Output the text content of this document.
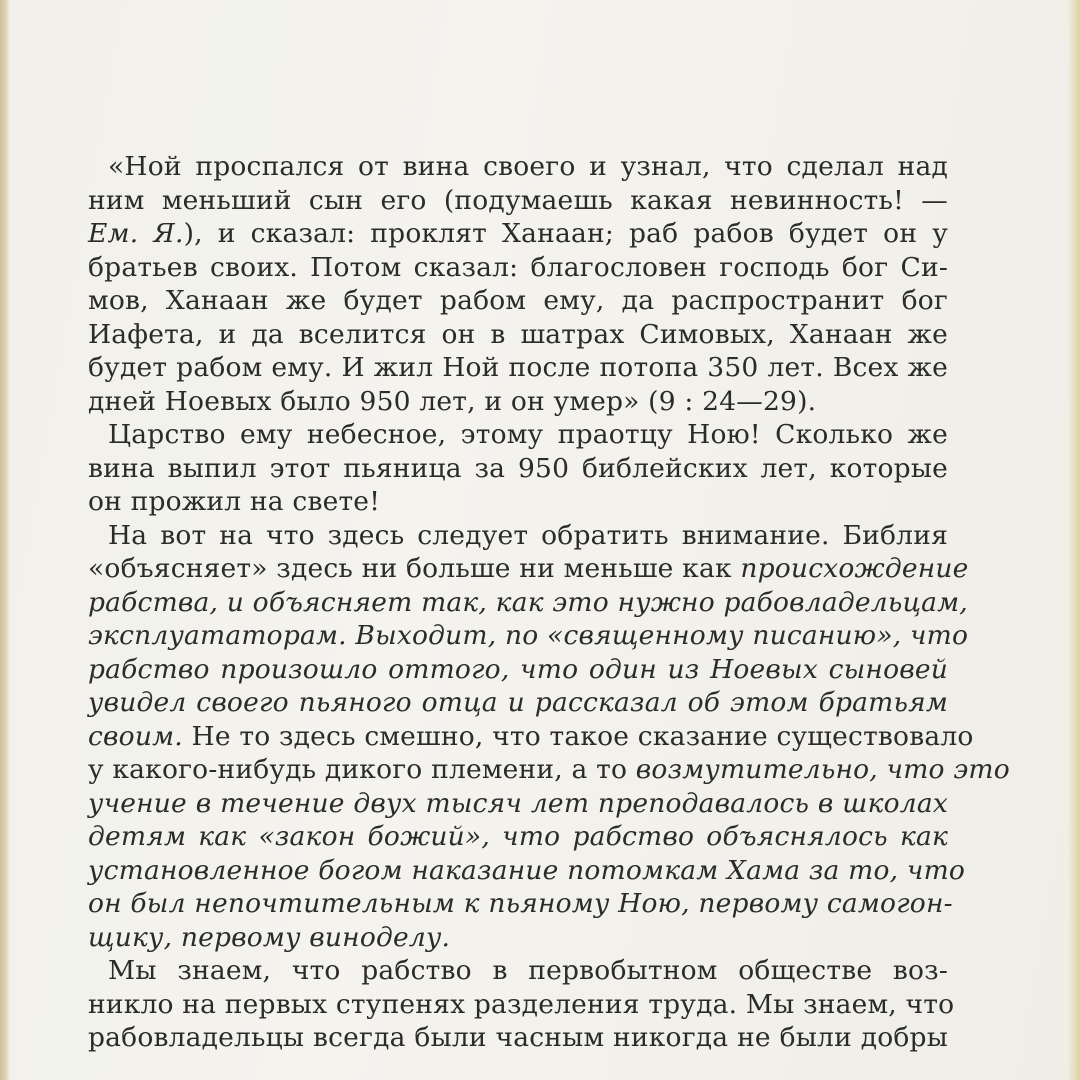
«Ной проспался от вина своего и узнал, что сделал над
ним меньший сын его (подумаешь какая невинность! —
Ем. Я.), и сказал: проклят Ханаан; раб рабов будет он у
братьев своих. Потом сказал: благословен господь бог Си-
мов, Ханаан же будет рабом ему, да распространит бог
Иафета, и да вселится он в шатрах Симовых, Ханаан же
будет рабом ему. И жил Ной после потопа 350 лет. Всех же
дней Ноевых было 950 лет, и он умер» (9 : 24—29).
Царство ему небесное, этому праотцу Ною! Сколько же
вина выпил этот пьяница за 950 библейских лет, которые
он прожил на свете!
На вот на что здесь следует обратить внимание. Библия
«объясняет» здесь ни больше ни меньше как происхождение
рабства, и объясняет так, как это нужно рабовладельцам,
эксплуататорам. Выходит, по «священному писанию», что
рабство произошло оттого, что один из Ноевых сыновей
увидел своего пьяного отца и рассказал об этом братьям
своим. Не то здесь смешно, что такое сказание существовало
у какого-нибудь дикого племени, а то возмутительно, что это
учение в течение двух тысяч лет преподавалось в школах
детям как «закон божий», что рабство объяснялось как
установленное богом наказание потомкам Хама за то, что
он был непочтительным к пьяному Ною, первому самогон-
щику, первому виноделу.
Мы знаем, что рабство в первобытном обществе воз-
никло на первых ступенях разделения труда. Мы знаем, что
рабовладельцы всегда были чаcным никогда не были добры
